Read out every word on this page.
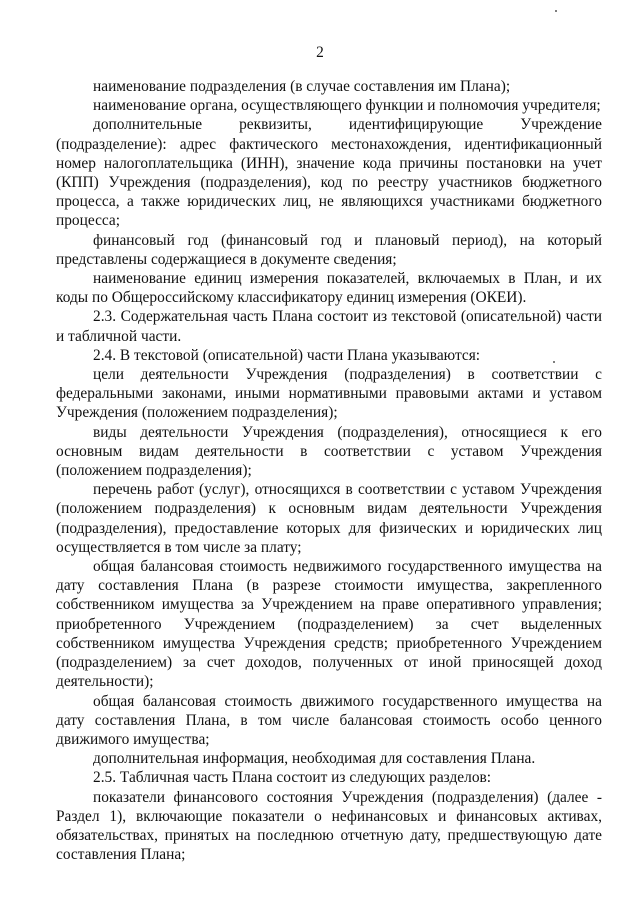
2

наименование подразделения (в случае составления им Плана);

наименование органа, осуществляющего функции и полномочия учредителя;

дополнительные реквизиты, идентифицирующие Учреждение (подразделение): адрес фактического местонахождения, идентификационный номер налогоплательщика (ИНН), значение кода причины постановки на учет (КПП) Учреждения (подразделения), код по реестру участников бюджетного процесса, а также юридических лиц, не являющихся участниками бюджетного процесса;

финансовый год (финансовый год и плановый период), на который представлены содержащиеся в документе сведения;

наименование единиц измерения показателей, включаемых в План, и их коды по Общероссийскому классификатору единиц измерения (ОКЕИ).

2.3. Содержательная часть Плана состоит из текстовой (описательной) части и табличной части.

2.4. В текстовой (описательной) части Плана указываются:

цели деятельности Учреждения (подразделения) в соответствии с федеральными законами, иными нормативными правовыми актами и уставом Учреждения (положением подразделения);

виды деятельности Учреждения (подразделения), относящиеся к его основным видам деятельности в соответствии с уставом Учреждения (положением подразделения);

перечень работ (услуг), относящихся в соответствии с уставом Учреждения (положением подразделения) к основным видам деятельности Учреждения (подразделения), предоставление которых для физических и юридических лиц осуществляется в том числе за плату;

общая балансовая стоимость недвижимого государственного имущества на дату составления Плана (в разрезе стоимости имущества, закрепленного собственником имущества за Учреждением на праве оперативного управления; приобретенного Учреждением (подразделением) за счет выделенных собственником имущества Учреждения средств; приобретенного Учреждением (подразделением) за счет доходов, полученных от иной приносящей доход деятельности);

общая балансовая стоимость движимого государственного имущества на дату составления Плана, в том числе балансовая стоимость особо ценного движимого имущества;

дополнительная информация, необходимая для составления Плана.

2.5. Табличная часть Плана состоит из следующих разделов:

показатели финансового состояния Учреждения (подразделения) (далее - Раздел 1), включающие показатели о нефинансовых и финансовых активах, обязательствах, принятых на последнюю отчетную дату, предшествующую дате составления Плана;
